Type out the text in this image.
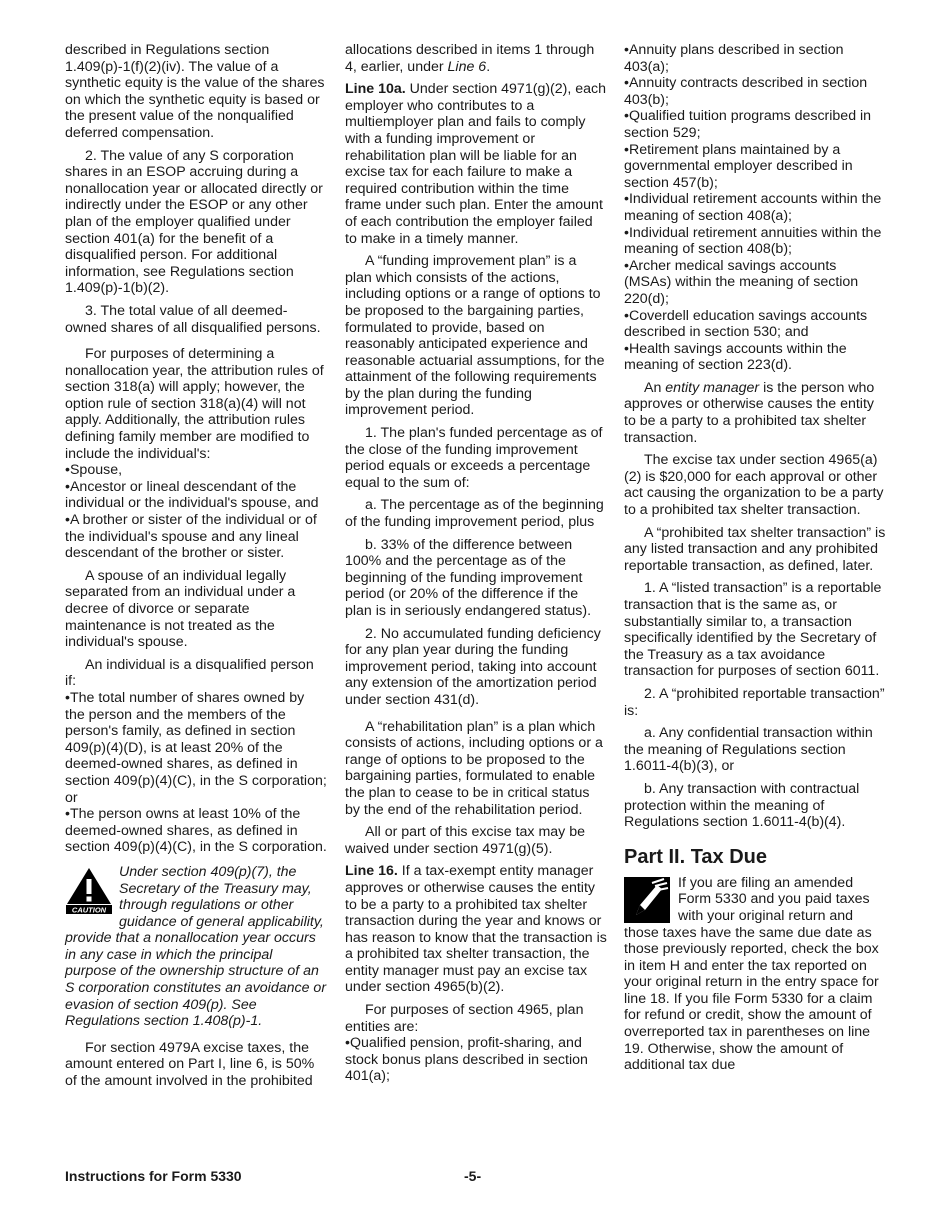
described in Regulations section 1.409(p)-1(f)(2)(iv). The value of a synthetic equity is the value of the shares on which the synthetic equity is based or the present value of the nonqualified deferred compensation.

2. The value of any S corporation shares in an ESOP accruing during a nonallocation year or allocated directly or indirectly under the ESOP or any other plan of the employer qualified under section 401(a) for the benefit of a disqualified person. For additional information, see Regulations section 1.409(p)-1(b)(2).

3. The total value of all deemed-owned shares of all disqualified persons.

For purposes of determining a nonallocation year, the attribution rules of section 318(a) will apply; however, the option rule of section 318(a)(4) will not apply. Additionally, the attribution rules defining family member are modified to include the individual's:

•Spouse,
•Ancestor or lineal descendant of the individual or the individual's spouse, and
•A brother or sister of the individual or of the individual's spouse and any lineal descendant of the brother or sister.

A spouse of an individual legally separated from an individual under a decree of divorce or separate maintenance is not treated as the individual's spouse.

An individual is a disqualified person if:

•The total number of shares owned by the person and the members of the person's family, as defined in section 409(p)(4)(D), is at least 20% of the deemed-owned shares, as defined in section 409(p)(4)(C), in the S corporation; or
•The person owns at least 10% of the deemed-owned shares, as defined in section 409(p)(4)(C), in the S corporation.
CAUTION
Under section 409(p)(7), the Secretary of the Treasury may, through regulations or other guidance of general applicability, provide that a nonallocation year occurs in any case in which the principal purpose of the ownership structure of an S corporation constitutes an avoidance or evasion of section 409(p). See Regulations section 1.408(p)-1.

For section 4979A excise taxes, the amount entered on Part I, line 6, is 50% of the amount involved in the prohibited

allocations described in items 1 through 4, earlier, under Line 6.

Line 10a. Under section 4971(g)(2), each employer who contributes to a multiemployer plan and fails to comply with a funding improvement or rehabilitation plan will be liable for an excise tax for each failure to make a required contribution within the time frame under such plan. Enter the amount of each contribution the employer failed to make in a timely manner.

A “funding improvement plan” is a plan which consists of the actions, including options or a range of options to be proposed to the bargaining parties, formulated to provide, based on reasonably anticipated experience and reasonable actuarial assumptions, for the attainment of the following requirements by the plan during the funding improvement period.

1. The plan's funded percentage as of the close of the funding improvement period equals or exceeds a percentage equal to the sum of:

a. The percentage as of the beginning of the funding improvement period, plus

b. 33% of the difference between 100% and the percentage as of the beginning of the funding improvement period (or 20% of the difference if the plan is in seriously endangered status).

2. No accumulated funding deficiency for any plan year during the funding improvement period, taking into account any extension of the amortization period under section 431(d).

A “rehabilitation plan” is a plan which consists of actions, including options or a range of options to be proposed to the bargaining parties, formulated to enable the plan to cease to be in critical status by the end of the rehabilitation period.

All or part of this excise tax may be waived under section 4971(g)(5).

Line 16. If a tax-exempt entity manager approves or otherwise causes the entity to be a party to a prohibited tax shelter transaction during the year and knows or has reason to know that the transaction is a prohibited tax shelter transaction, the entity manager must pay an excise tax under section 4965(b)(2).

For purposes of section 4965, plan entities are:

•Qualified pension, profit-sharing, and stock bonus plans described in section 401(a);
•Annuity plans described in section 403(a);
•Annuity contracts described in section 403(b);
•Qualified tuition programs described in section 529;
•Retirement plans maintained by a governmental employer described in section 457(b);
•Individual retirement accounts within the meaning of section 408(a);
•Individual retirement annuities within the meaning of section 408(b);
•Archer medical savings accounts (MSAs) within the meaning of section 220(d);
•Coverdell education savings accounts described in section 530; and
•Health savings accounts within the meaning of section 223(d).

An entity manager is the person who approves or otherwise causes the entity to be a party to a prohibited tax shelter transaction.

The excise tax under section 4965(a)(2) is $20,000 for each approval or other act causing the organization to be a party to a prohibited tax shelter transaction.

A “prohibited tax shelter transaction” is any listed transaction and any prohibited reportable transaction, as defined, later.

1. A “listed transaction” is a reportable transaction that is the same as, or substantially similar to, a transaction specifically identified by the Secretary of the Treasury as a tax avoidance transaction for purposes of section 6011.

2. A “prohibited reportable transaction” is:

a. Any confidential transaction within the meaning of Regulations section 1.6011-4(b)(3), or

b. Any transaction with contractual protection within the meaning of Regulations section 1.6011-4(b)(4).

Part II. Tax Due
If you are filing an amended Form 5330 and you paid taxes with your original return and those taxes have the same due date as those previously reported, check the box in item H and enter the tax reported on your original return in the entry space for line 18. If you file Form 5330 for a claim for refund or credit, show the amount of overreported tax in parentheses on line 19. Otherwise, show the amount of additional tax due
Instructions for Form 5330	-5-
